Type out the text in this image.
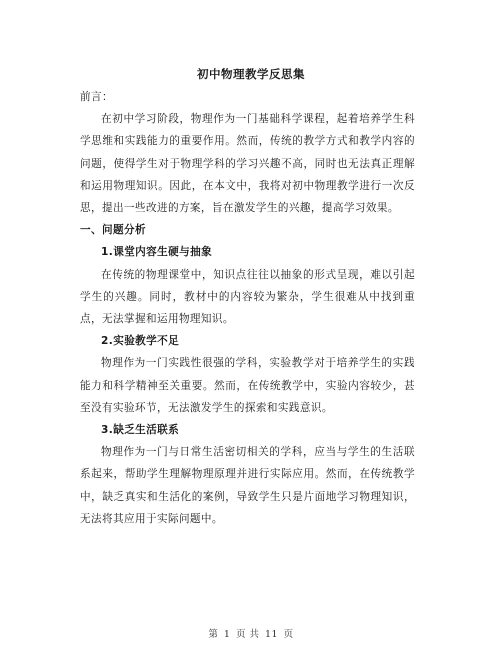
初中物理教学反思集

前言：

在初中学习阶段，物理作为一门基础科学课程，起着培养学生科学思维和实践能力的重要作用。然而，传统的教学方式和教学内容的问题，使得学生对于物理学科的学习兴趣不高，同时也无法真正理解和运用物理知识。因此，在本文中，我将对初中物理教学进行一次反思，提出一些改进的方案，旨在激发学生的兴趣，提高学习效果。

一、问题分析

1.课堂内容生硬与抽象

在传统的物理课堂中，知识点往往以抽象的形式呈现，难以引起学生的兴趣。同时，教材中的内容较为繁杂，学生很难从中找到重点，无法掌握和运用物理知识。

2.实验教学不足

物理作为一门实践性很强的学科，实验教学对于培养学生的实践能力和科学精神至关重要。然而，在传统教学中，实验内容较少，甚至没有实验环节，无法激发学生的探索和实践意识。

3.缺乏生活联系

物理作为一门与日常生活密切相关的学科，应当与学生的生活联系起来，帮助学生理解物理原理并进行实际应用。然而，在传统教学中，缺乏真实和生活化的案例，导致学生只是片面地学习物理知识，无法将其应用于实际问题中。

第 1 页 共 11 页
